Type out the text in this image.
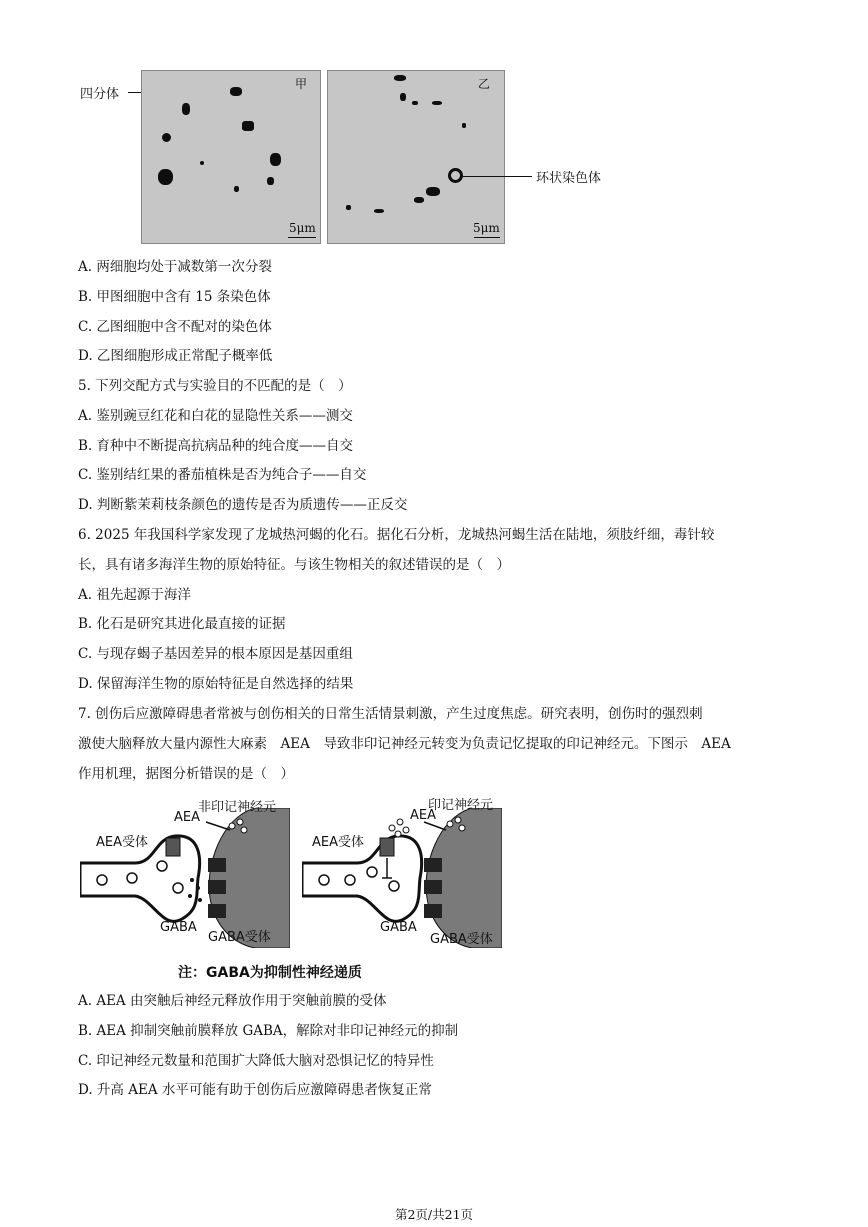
四分体
甲
5μm
乙
5μm
环状染色体
A. 两细胞均处于减数第一次分裂
B. 甲图细胞中含有 15 条染色体
C. 乙图细胞中含不配对的染色体
D. 乙图细胞形成正常配子概率低
5. 下列交配方式与实验目的不匹配的是（　）
A. 鉴别豌豆红花和白花的显隐性关系——测交
B. 育种中不断提高抗病品种的纯合度——自交
C. 鉴别结红果的番茄植株是否为纯合子——自交
D. 判断紫茉莉枝条颜色的遗传是否为质遗传——正反交
6. 2025 年我国科学家发现了龙城热河蝎的化石。据化石分析，龙城热河蝎生活在陆地，须肢纤细，毒针较
长，具有诸多海洋生物的原始特征。与该生物相关的叙述错误的是（　）
A. 祖先起源于海洋
B. 化石是研究其进化最直接的证据
C. 与现存蝎子基因差异的根本原因是基因重组
D. 保留海洋生物的原始特征是自然选择的结果
7. 创伤后应激障碍患者常被与创伤相关的日常生活情景刺激，产生过度焦虑。研究表明，创伤时的强烈刺
激使大脑释放大量内源性大麻素　AEA　导致非印记神经元转变为负责记忆提取的印记神经元。下图示　AEA
作用机理，据图分析错误的是（　）
非印记神经元
AEA
AEA受体
GABA
GABA受体
印记神经元
AEA
AEA受体
GABA
GABA受体
注：GABA为抑制性神经递质
A. AEA 由突触后神经元释放作用于突触前膜的受体
B. AEA 抑制突触前膜释放 GABA，解除对非印记神经元的抑制
C. 印记神经元数量和范围扩大降低大脑对恐惧记忆的特异性
D. 升高 AEA 水平可能有助于创伤后应激障碍患者恢复正常
第2页/共21页
